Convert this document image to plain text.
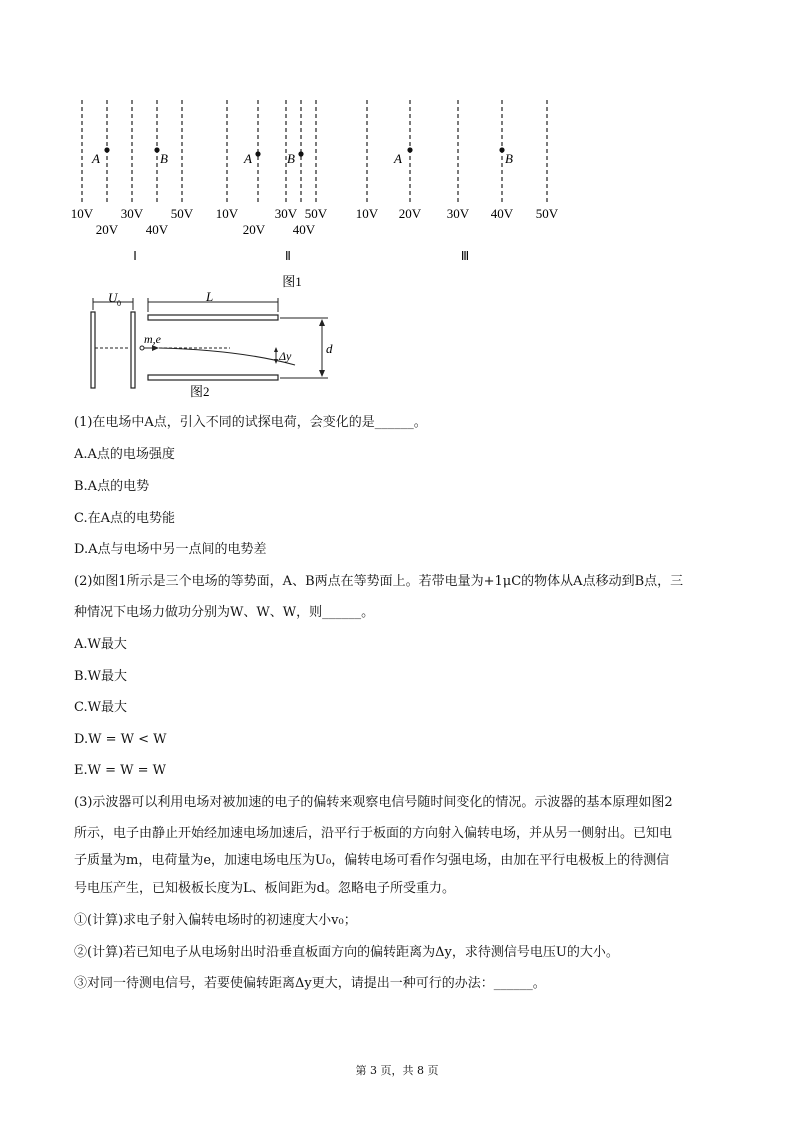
A	B	A	B	A	B
10V 30V 50V
20V 40V
10V	30V 50V
20V 40V
10V 20V 30V 40V 50V
Ⅰ	Ⅱ	Ⅲ
图1
U 0	L
d
m,e
Δy
图2
(1)在电场中A点，引入不同的试探电荷，会变化的是______。
A.A点的电场强度
B.A点的电势
C.在A点的电势能
D.A点与电场中另一点间的电势差
(2)如图1所示是三个电场的等势面，A、B两点在等势面上。若带电量为+1μC的物体从A点移动到B点，三
种情况下电场力做功分别为W、W、W，则______。
A.W最大
B.W最大
C.W最大
D.W = W < W
E.W = W = W
(3)示波器可以利用电场对被加速的电子的偏转来观察电信号随时间变化的情况。示波器的基本原理如图2
所示，电子由静止开始经加速电场加速后，沿平行于板面的方向射入偏转电场，并从另一侧射出。已知电
子质量为m，电荷量为e，加速电场电压为U₀，偏转电场可看作匀强电场，由加在平行电极板上的待测信
号电压产生，已知极板长度为L、板间距为d。忽略电子所受重力。
①(计算)求电子射入偏转电场时的初速度大小v₀；
②(计算)若已知电子从电场射出时沿垂直板面方向的偏转距离为Δy，求待测信号电压U的大小。
③对同一待测电信号，若要使偏转距离Δy更大，请提出一种可行的办法：______。
第 3 页，共 8 页
